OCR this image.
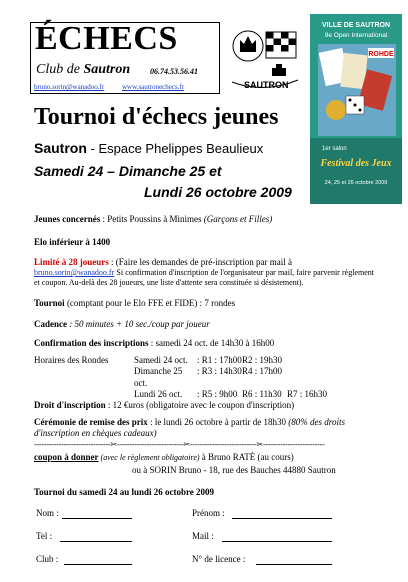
ÉCHECS
Club de Sautron 06.74.53.56.41
bruno.sorin@wanadoo.fr	www.sautronechecs.fr	SAUTRON
VILLE DE SAUTRON
9e Open International
ROHDE
1er salon
Festival des Jeux
24, 25 et 26 octobre 2009
Tournoi d'échecs jeunes
Sautron - Espace Phelippes Beaulieux
Samedi 24 – Dimanche 25 et
Lundi 26 octobre 2009
Jeunes concernés : Petits Poussins à Minimes (Garçons et Filles)
Elo inférieur à 1400
Limité à 28 joueurs : (Faire les demandes de pré-inscription par mail à
bruno.sorin@wanadoo.fr Si confirmation d'inscription de l'organisateur par mail, faire parvenir règlement et coupon. Au-delà des 28 joueurs, une liste d'attente sera constituée si désistement).
Tournoi (comptant pour le Elo FFE et FIDE) : 7 rondes
Cadence : 50 minutes + 10 sec./coup par joueur
Confirmation des inscriptions : samedi 24 oct. de 14h30 à 16h00
Horaires des Rondes	Samedi 24 oct.	: R1 : 17h00 R2 : 19h30
Dimanche 25 oct.
: R3 : 14h30 R4 : 17h00
Lundi 26 oct.	: R5 : 9h00 R6 : 11h30 R7 : 16h30
Droit d'inscription : 12 €uros (obligatoire avec le coupon d'inscription)
Cérémonie de remise des prix : le lundi 26 octobre à partir de 18h30 (80% des droits d'inscription en chèques cadeaux)
-------------------------------✂---------------------------✂---------------------------✂-------------------------
coupon à donner (avec le règlement obligatoire) à Bruno RATÉ (au cours)
ou à SORIN Bruno - 18, rue des Bauches 44880 Sautron
Tournoi du samedi 24 au lundi 26 octobre 2009
Nom :	Prénom :
Tel :	Mail :
Club :	N° de licence :
